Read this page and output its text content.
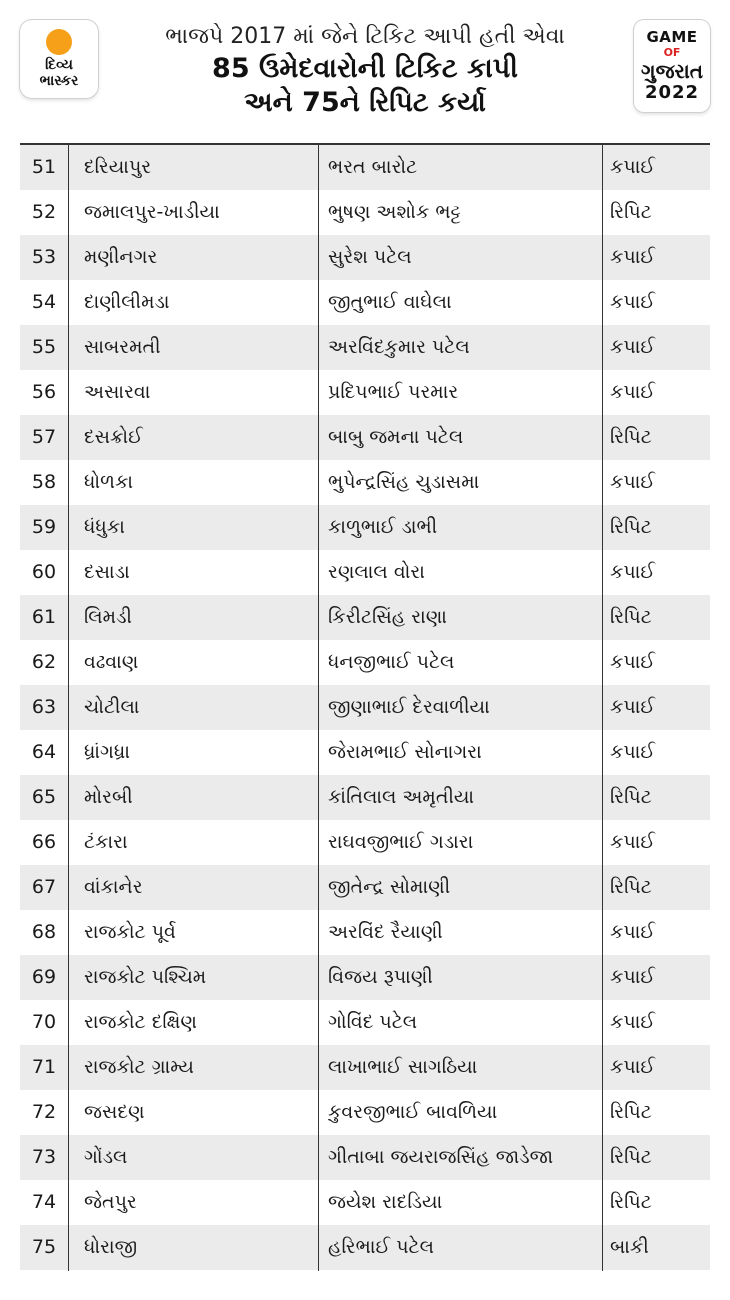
દિવ્ય
ભાસ્કર
ભાજપે 2017 માં જેને ટિકિટ આપી હતી એવા
85 ઉમેદવારોની ટિકિટ કાપી
અને 75ને રિપિટ કર્યા
GAME
OF
ગુજરાત
2022
51	દરિયાપુર	ભરત બારોટ	કપાઈ
52	જમાલપુર-ખાડીયા	ભુષણ અશોક ભટ્ટ	રિપિટ
53	મણીનગર	સુરેશ પટેલ	કપાઈ
54	દાણીલીમડા	જીતુભાઈ વાઘેલા	કપાઈ
55	સાબરમતી	અરવિંદકુમાર પટેલ	કપાઈ
56	અસારવા	પ્રદિપભાઈ પરમાર	કપાઈ
57	દસક્રોઈ	બાબુ જમના પટેલ	રિપિટ
58	ધોળકા	ભુપેન્દ્રસિંહ ચુડાસમા	કપાઈ
59	ધંધુકા	કાળુભાઈ ડાભી	રિપિટ
60	દસાડા	રણલાલ વોરા	કપાઈ
61	લિમડી	કિરીટસિંહ રાણા	રિપિટ
62	વઢવાણ	ધનજીભાઈ પટેલ	કપાઈ
63	ચોટીલા	જીણાભાઈ દેરવાળીયા	કપાઈ
64	ધ્રાંગધ્રા	જેરામભાઈ સોનાગરા	કપાઈ
65	મોરબી	કાંતિલાલ અમૃતીયા	રિપિટ
66	ટંકારા	રાઘવજીભાઈ ગડારા	કપાઈ
67	વાંકાનેર	જીતેન્દ્ર સોમાણી	રિપિટ
68	રાજકોટ પૂર્વ	અરવિંદ રૈયાણી	કપાઈ
69	રાજકોટ પશ્ચિમ	વિજય રૂપાણી	કપાઈ
70	રાજકોટ દક્ષિણ	ગોવિંદ પટેલ	કપાઈ
71	રાજકોટ ગ્રામ્ય	લાખાભાઈ સાગઠિયા	કપાઈ
72	જસદણ	કુવરજીભાઈ બાવળિયા	રિપિટ
73	ગોંડલ	ગીતાબા જયરાજસિંહ જાડેજા	રિપિટ
74	જેતપુર	જયેશ રાદડિયા	રિપિટ
75	ધોરાજી	હરિભાઈ પટેલ	બાકી
